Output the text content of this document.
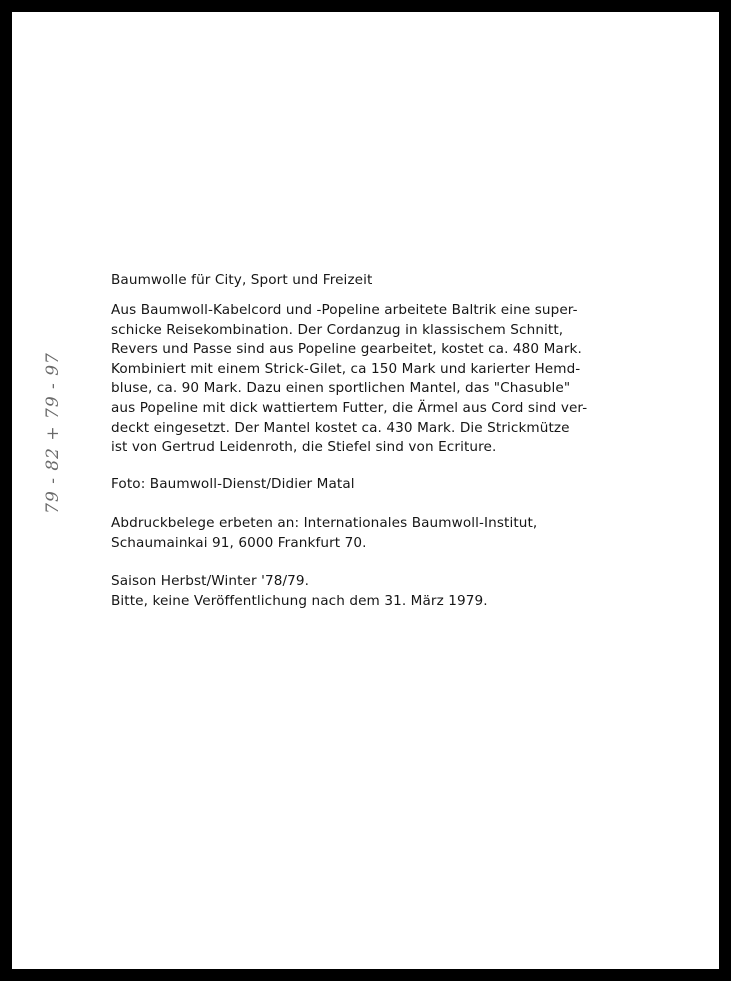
79 - 82 + 79 - 97
Baumwolle für City, Sport und Freizeit
Aus Baumwoll-Kabelcord und -Popeline arbeitete Baltrik eine super-
schicke Reisekombination. Der Cordanzug in klassischem Schnitt,
Revers und Passe sind aus Popeline gearbeitet, kostet ca. 480 Mark.
Kombiniert mit einem Strick-Gilet, ca 150 Mark und karierter Hemd-
bluse, ca. 90 Mark. Dazu einen sportlichen Mantel, das "Chasuble"
aus Popeline mit dick wattiertem Futter, die Ärmel aus Cord sind ver-
deckt eingesetzt. Der Mantel kostet ca. 430 Mark. Die Strickmütze
ist von Gertrud Leidenroth, die Stiefel sind von Ecriture.
Foto: Baumwoll-Dienst/Didier Matal
Abdruckbelege erbeten an: Internationales Baumwoll-Institut,
Schaumainkai 91, 6000 Frankfurt 70.
Saison Herbst/Winter '78/79.
Bitte, keine Veröffentlichung nach dem 31. März 1979.
